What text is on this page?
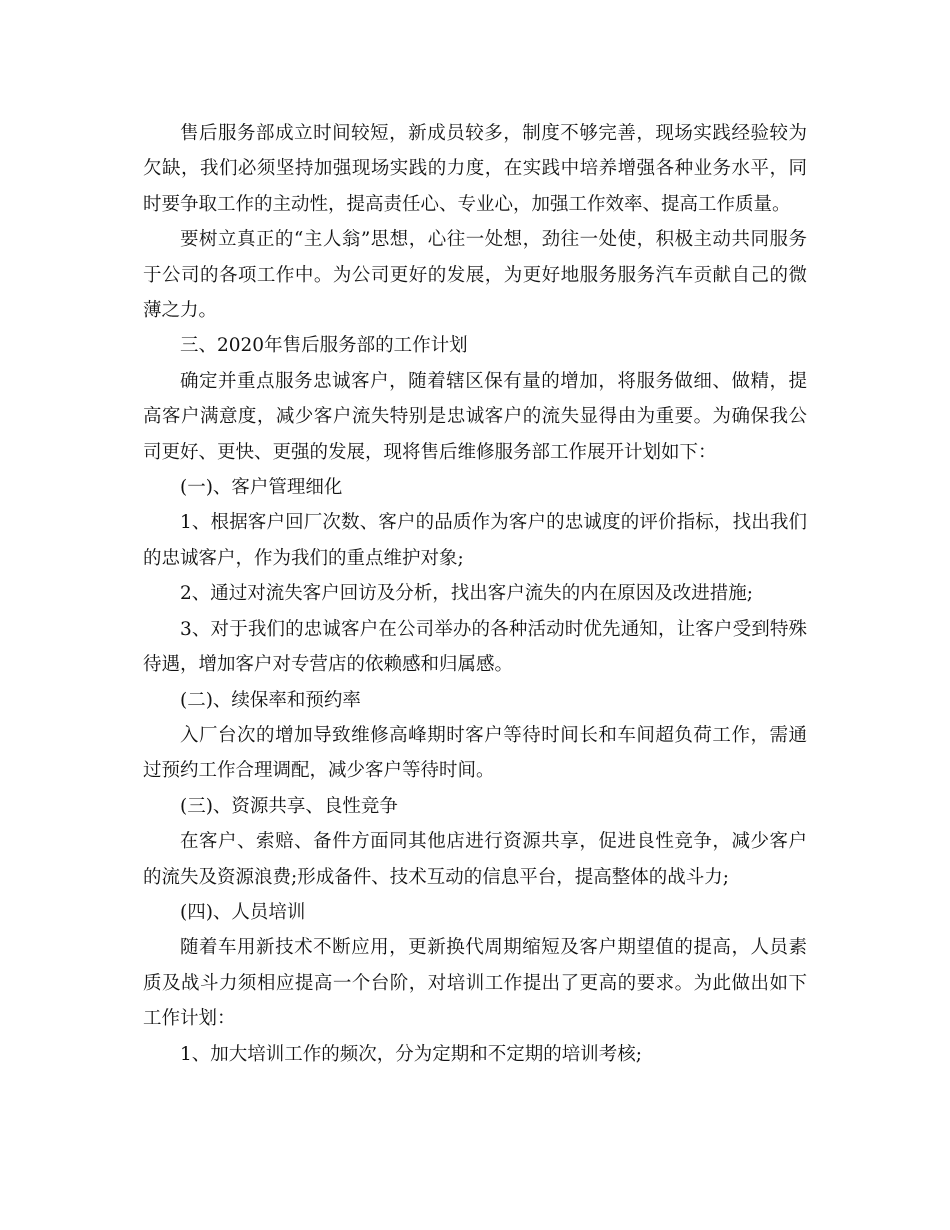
售后服务部成立时间较短，新成员较多，制度不够完善，现场实践经验较为欠缺，我们必须坚持加强现场实践的力度，在实践中培养增强各种业务水平，同时要争取工作的主动性，提高责任心、专业心，加强工作效率、提高工作质量。

要树立真正的“主人翁”思想，心往一处想，劲往一处使，积极主动共同服务于公司的各项工作中。为公司更好的发展，为更好地服务服务汽车贡献自己的微薄之力。

三、2020年售后服务部的工作计划

确定并重点服务忠诚客户，随着辖区保有量的增加，将服务做细、做精，提高客户满意度，减少客户流失特别是忠诚客户的流失显得由为重要。为确保我公司更好、更快、更强的发展，现将售后维修服务部工作展开计划如下：

(一)、客户管理细化

1、根据客户回厂次数、客户的品质作为客户的忠诚度的评价指标，找出我们的忠诚客户，作为我们的重点维护对象;

2、通过对流失客户回访及分析，找出客户流失的内在原因及改进措施;

3、对于我们的忠诚客户在公司举办的各种活动时优先通知，让客户受到特殊待遇，增加客户对专营店的依赖感和归属感。

(二)、续保率和预约率

入厂台次的增加导致维修高峰期时客户等待时间长和车间超负荷工作，需通过预约工作合理调配，减少客户等待时间。

(三)、资源共享、良性竞争

在客户、索赔、备件方面同其他店进行资源共享，促进良性竞争，减少客户的流失及资源浪费;形成备件、技术互动的信息平台，提高整体的战斗力;

(四)、人员培训

随着车用新技术不断应用，更新换代周期缩短及客户期望值的提高，人员素质及战斗力须相应提高一个台阶，对培训工作提出了更高的要求。为此做出如下工作计划：

1、加大培训工作的频次，分为定期和不定期的培训考核;
